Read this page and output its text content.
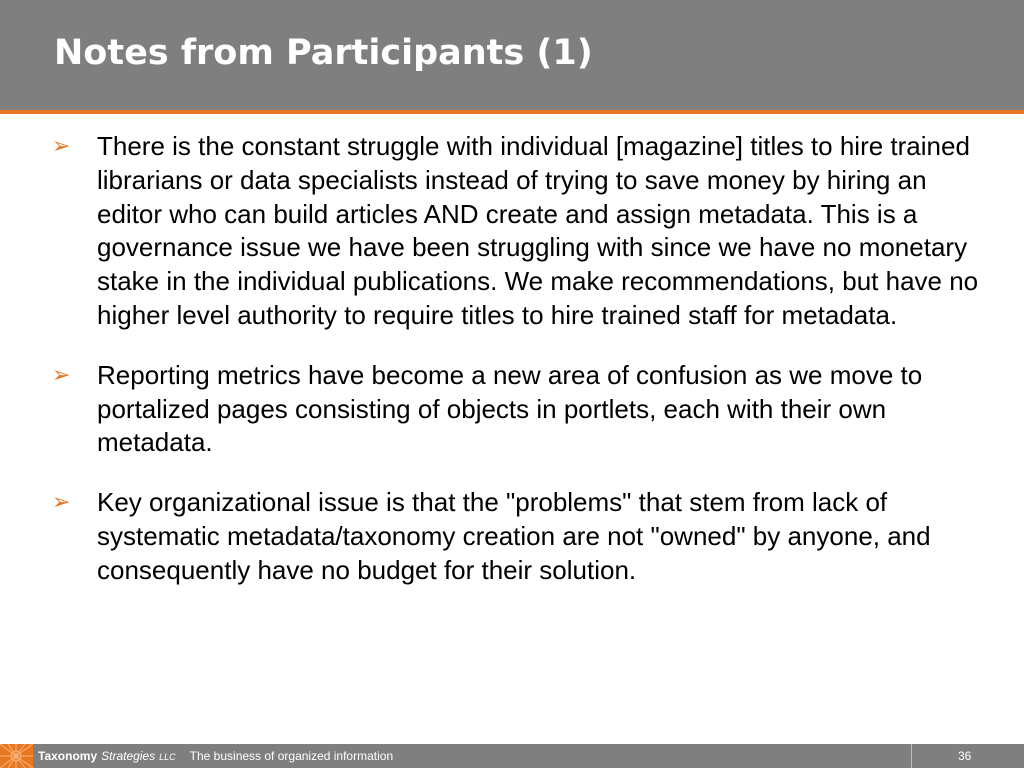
Notes from Participants (1)
➢	There is the constant struggle with individual [magazine] titles to hire trained librarians or data specialists instead of trying to save money by hiring an editor who can build articles AND create and assign metadata. This is a governance issue we have been struggling with since we have no monetary stake in the individual publications. We make recommendations, but have no higher level authority to require titles to hire trained staff for metadata.
➢	Reporting metrics have become a new area of confusion as we move to portalized pages consisting of objects in portlets, each with their own metadata.
➢	Key organizational issue is that the "problems" that stem from lack of systematic metadata/taxonomy creation are not "owned" by anyone, and consequently have no budget for their solution.
Taxonomy Strategies LLC The business of organized information	36
